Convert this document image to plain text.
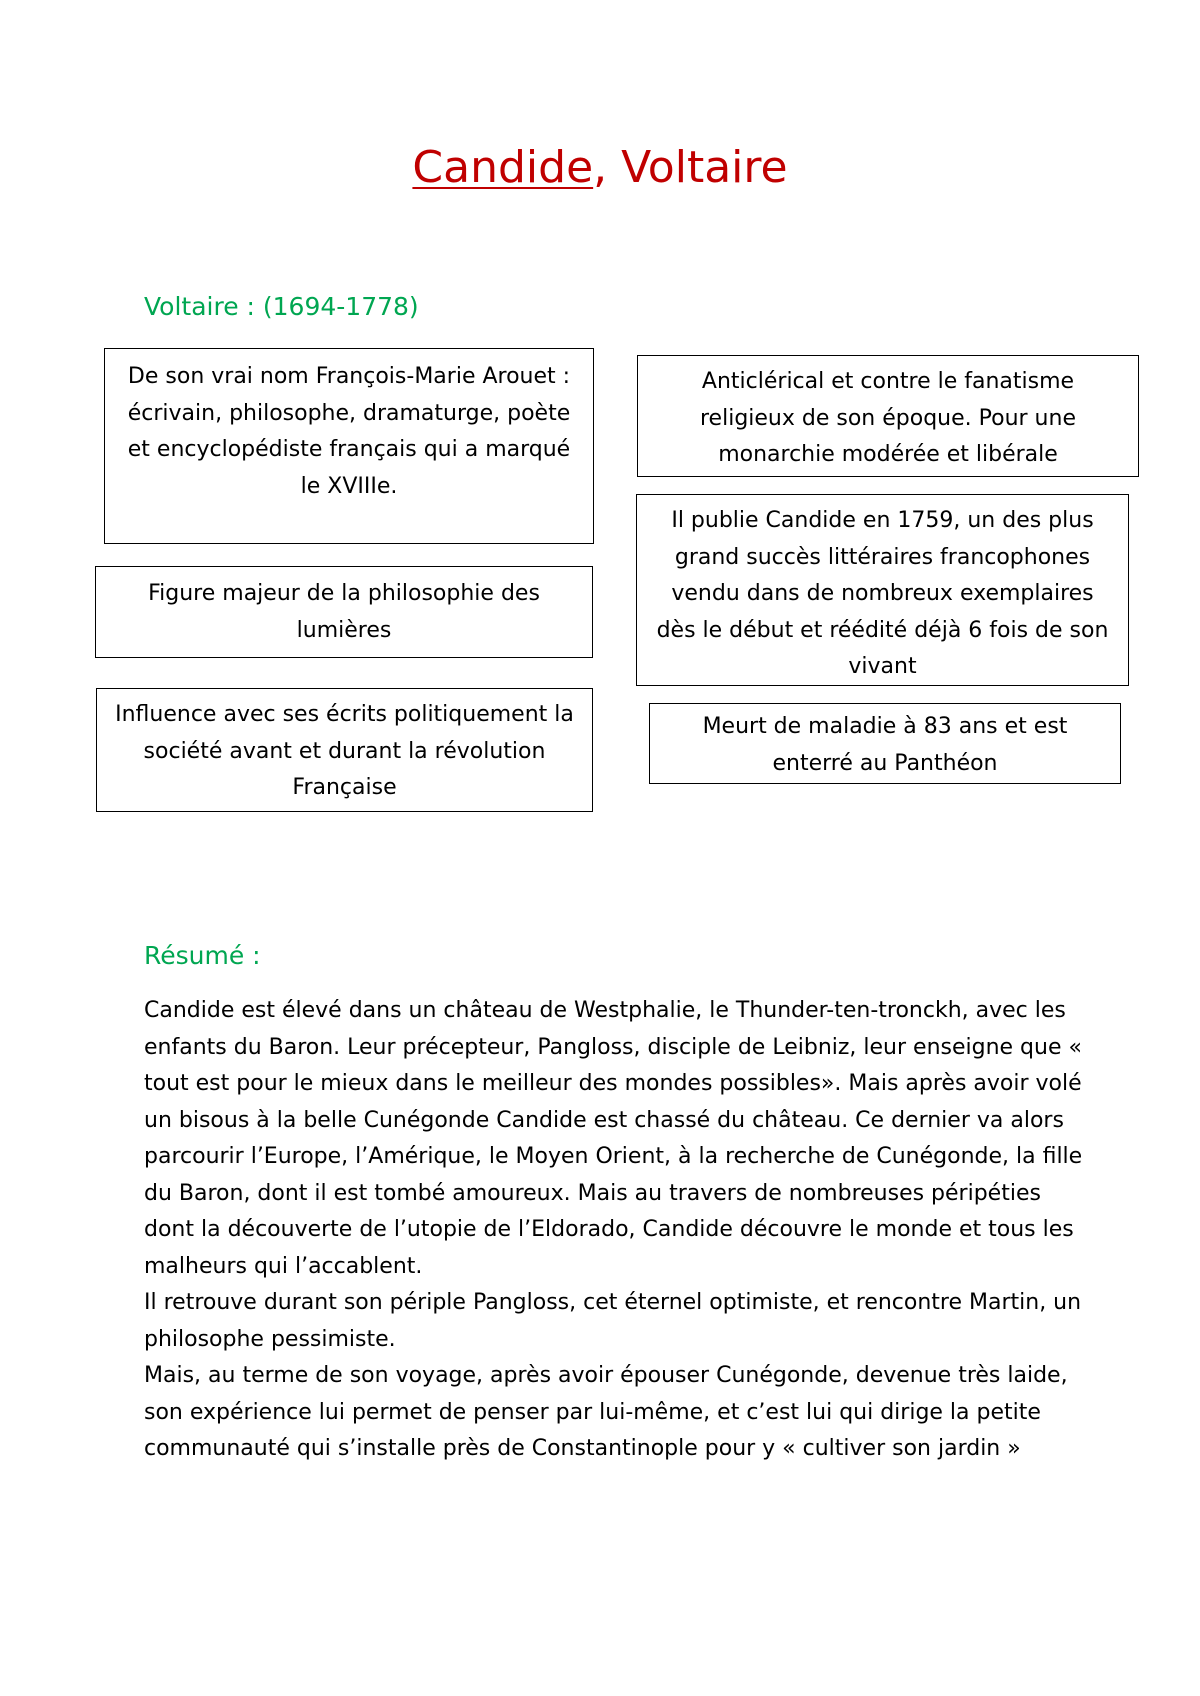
Candide, Voltaire
Voltaire : (1694-1778)
De son vrai nom François-Marie Arouet : écrivain, philosophe, dramaturge, poète et encyclopédiste français qui a marqué le XVIIIe.
Figure majeur de la philosophie des lumières
Influence avec ses écrits politiquement la société avant et durant la révolution Française
Anticlérical et contre le fanatisme religieux de son époque. Pour une monarchie modérée et libérale
Il publie Candide en 1759, un des plus grand succès littéraires francophones vendu dans de nombreux exemplaires dès le début et réédité déjà 6 fois de son vivant
Meurt de maladie à 83 ans et est enterré au Panthéon
Résumé :

Candide est élevé dans un château de Westphalie, le Thunder-ten-tronckh, avec les enfants du Baron. Leur précepteur, Pangloss, disciple de Leibniz, leur enseigne que « tout est pour le mieux dans le meilleur des mondes possibles». Mais après avoir volé un bisous à la belle Cunégonde Candide est chassé du château. Ce dernier va alors parcourir l’Europe, l’Amérique, le Moyen Orient, à la recherche de Cunégonde, la fille du Baron, dont il est tombé amoureux. Mais au travers de nombreuses péripéties dont la découverte de l’utopie de l’Eldorado, Candide découvre le monde et tous les malheurs qui l’accablent.

Il retrouve durant son périple Pangloss, cet éternel optimiste, et rencontre Martin, un philosophe pessimiste.

Mais, au terme de son voyage, après avoir épouser Cunégonde, devenue très laide, son expérience lui permet de penser par lui-même, et c’est lui qui dirige la petite communauté qui s’installe près de Constantinople pour y « cultiver son jardin »
